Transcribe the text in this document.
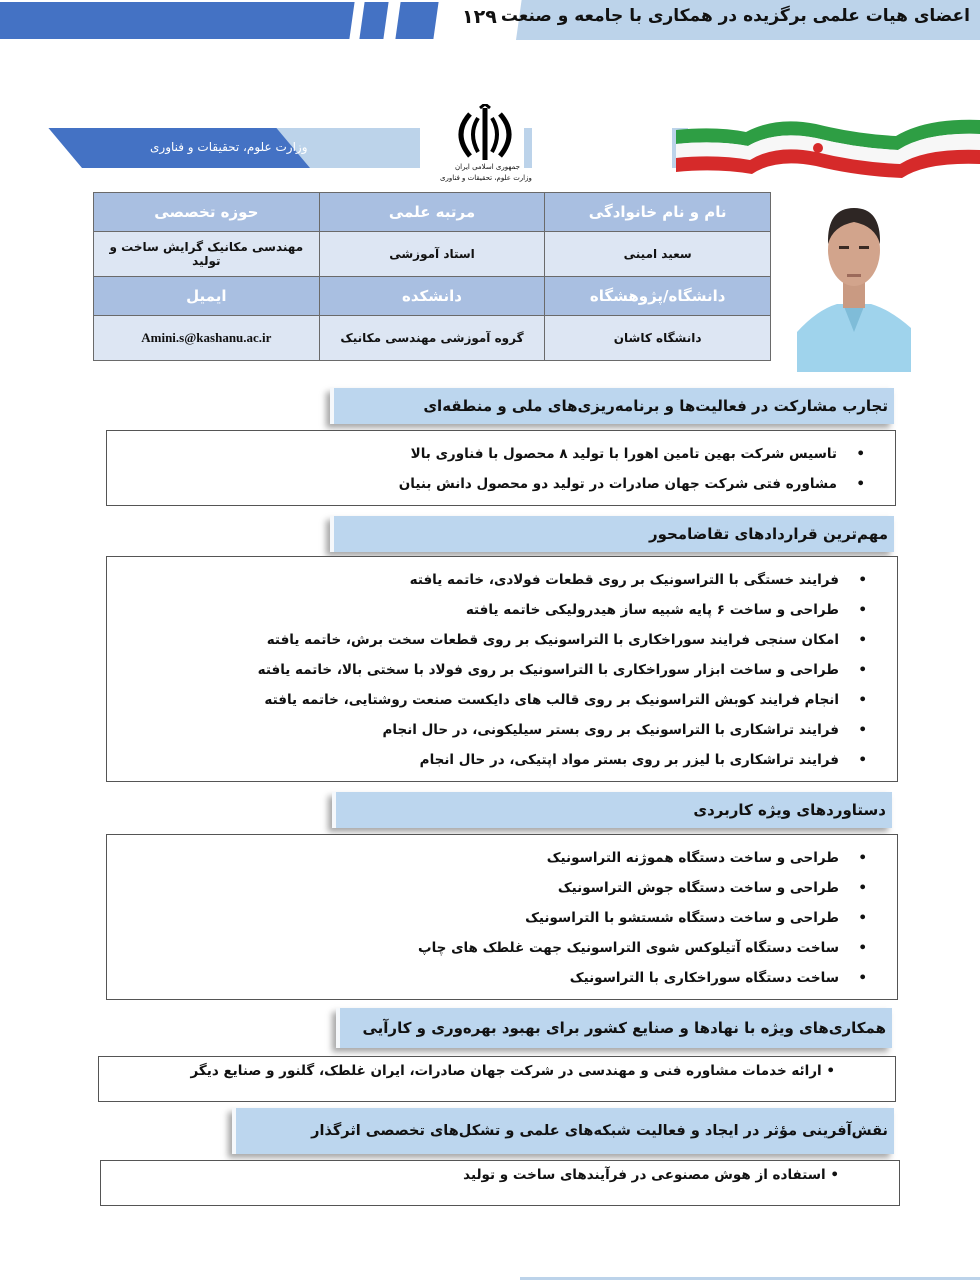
اعضای هیات علمی برگزیده در همکاری با جامعه و صنعت
۱۲۹
وزارت علوم، تحقیقات و فناوری
جمهوری اسلامی ایران
وزارت علوم، تحقیقات و فناوری
نام و نام خانوادگی	مرتبه علمی	حوزه تخصصی
سعید امینی	استاد آموزشی	مهندسی مکانیک گرایش ساخت و تولید
دانشگاه/پژوهشگاه	دانشکده	ایمیل
دانشگاه کاشان	گروه آموزشی مهندسی مکانیک	Amini.s@kashanu.ac.ir
تجارب مشارکت در فعالیت‌ها و برنامه‌ریزی‌های ملی و منطقه‌ای
•
تاسیس شرکت بهین تامین اهورا با تولید ۸ محصول با فناوری بالا
•
مشاوره فتی شرکت جهان صادرات در تولید دو محصول دانش بنیان
مهم‌ترین قراردادهای تقاضامحور
•
فرایند خستگی با التراسونیک بر روی قطعات فولادی، خاتمه یافته
•
طراحی و ساخت ۶ پایه شبیه ساز هیدرولیکی خاتمه یافته
•
امکان سنجی فرایند سوراخکاری با التراسونیک بر روی قطعات سخت برش، خاتمه یافته
•
طراحی و ساخت ابزار سوراخکاری با التراسونیک بر روی فولاد با سختی بالا، خاتمه یافته
•
انجام فرایند کوبش التراسونیک بر روی قالب های دایکست صنعت روشتایی، خاتمه یافته
•
فرایند تراشکاری با التراسونیک بر روی بستر سیلیکونی، در حال انجام
•
فرایند تراشکاری با لیزر بر روی بستر مواد اپتیکی، در حال انجام
دستاوردهای ویژه کاربردی
•
طراحی و ساخت دستگاه هموژنه التراسونیک
•
طراحی و ساخت دستگاه جوش التراسونیک
•
طراحی و ساخت دستگاه شستشو با التراسونیک
•
ساخت دستگاه آتیلوکس شوی التراسونیک جهت غلطک های چاپ
•
ساخت دستگاه سوراخکاری با التراسونیک
همکاری‌های ویژه با نهادها و صنایع کشور برای بهبود بهره‌وری و کارآیی
• ارائه خدمات مشاوره فنی و مهندسی در شرکت جهان صادرات، ایران غلطک، گلنور و صنایع دیگر
نقش‌آفرینی مؤثر در ایجاد و فعالیت شبکه‌های علمی و تشکل‌های تخصصی اثرگذار
• استفاده از هوش مصنوعی در فرآیندهای ساخت و تولید
